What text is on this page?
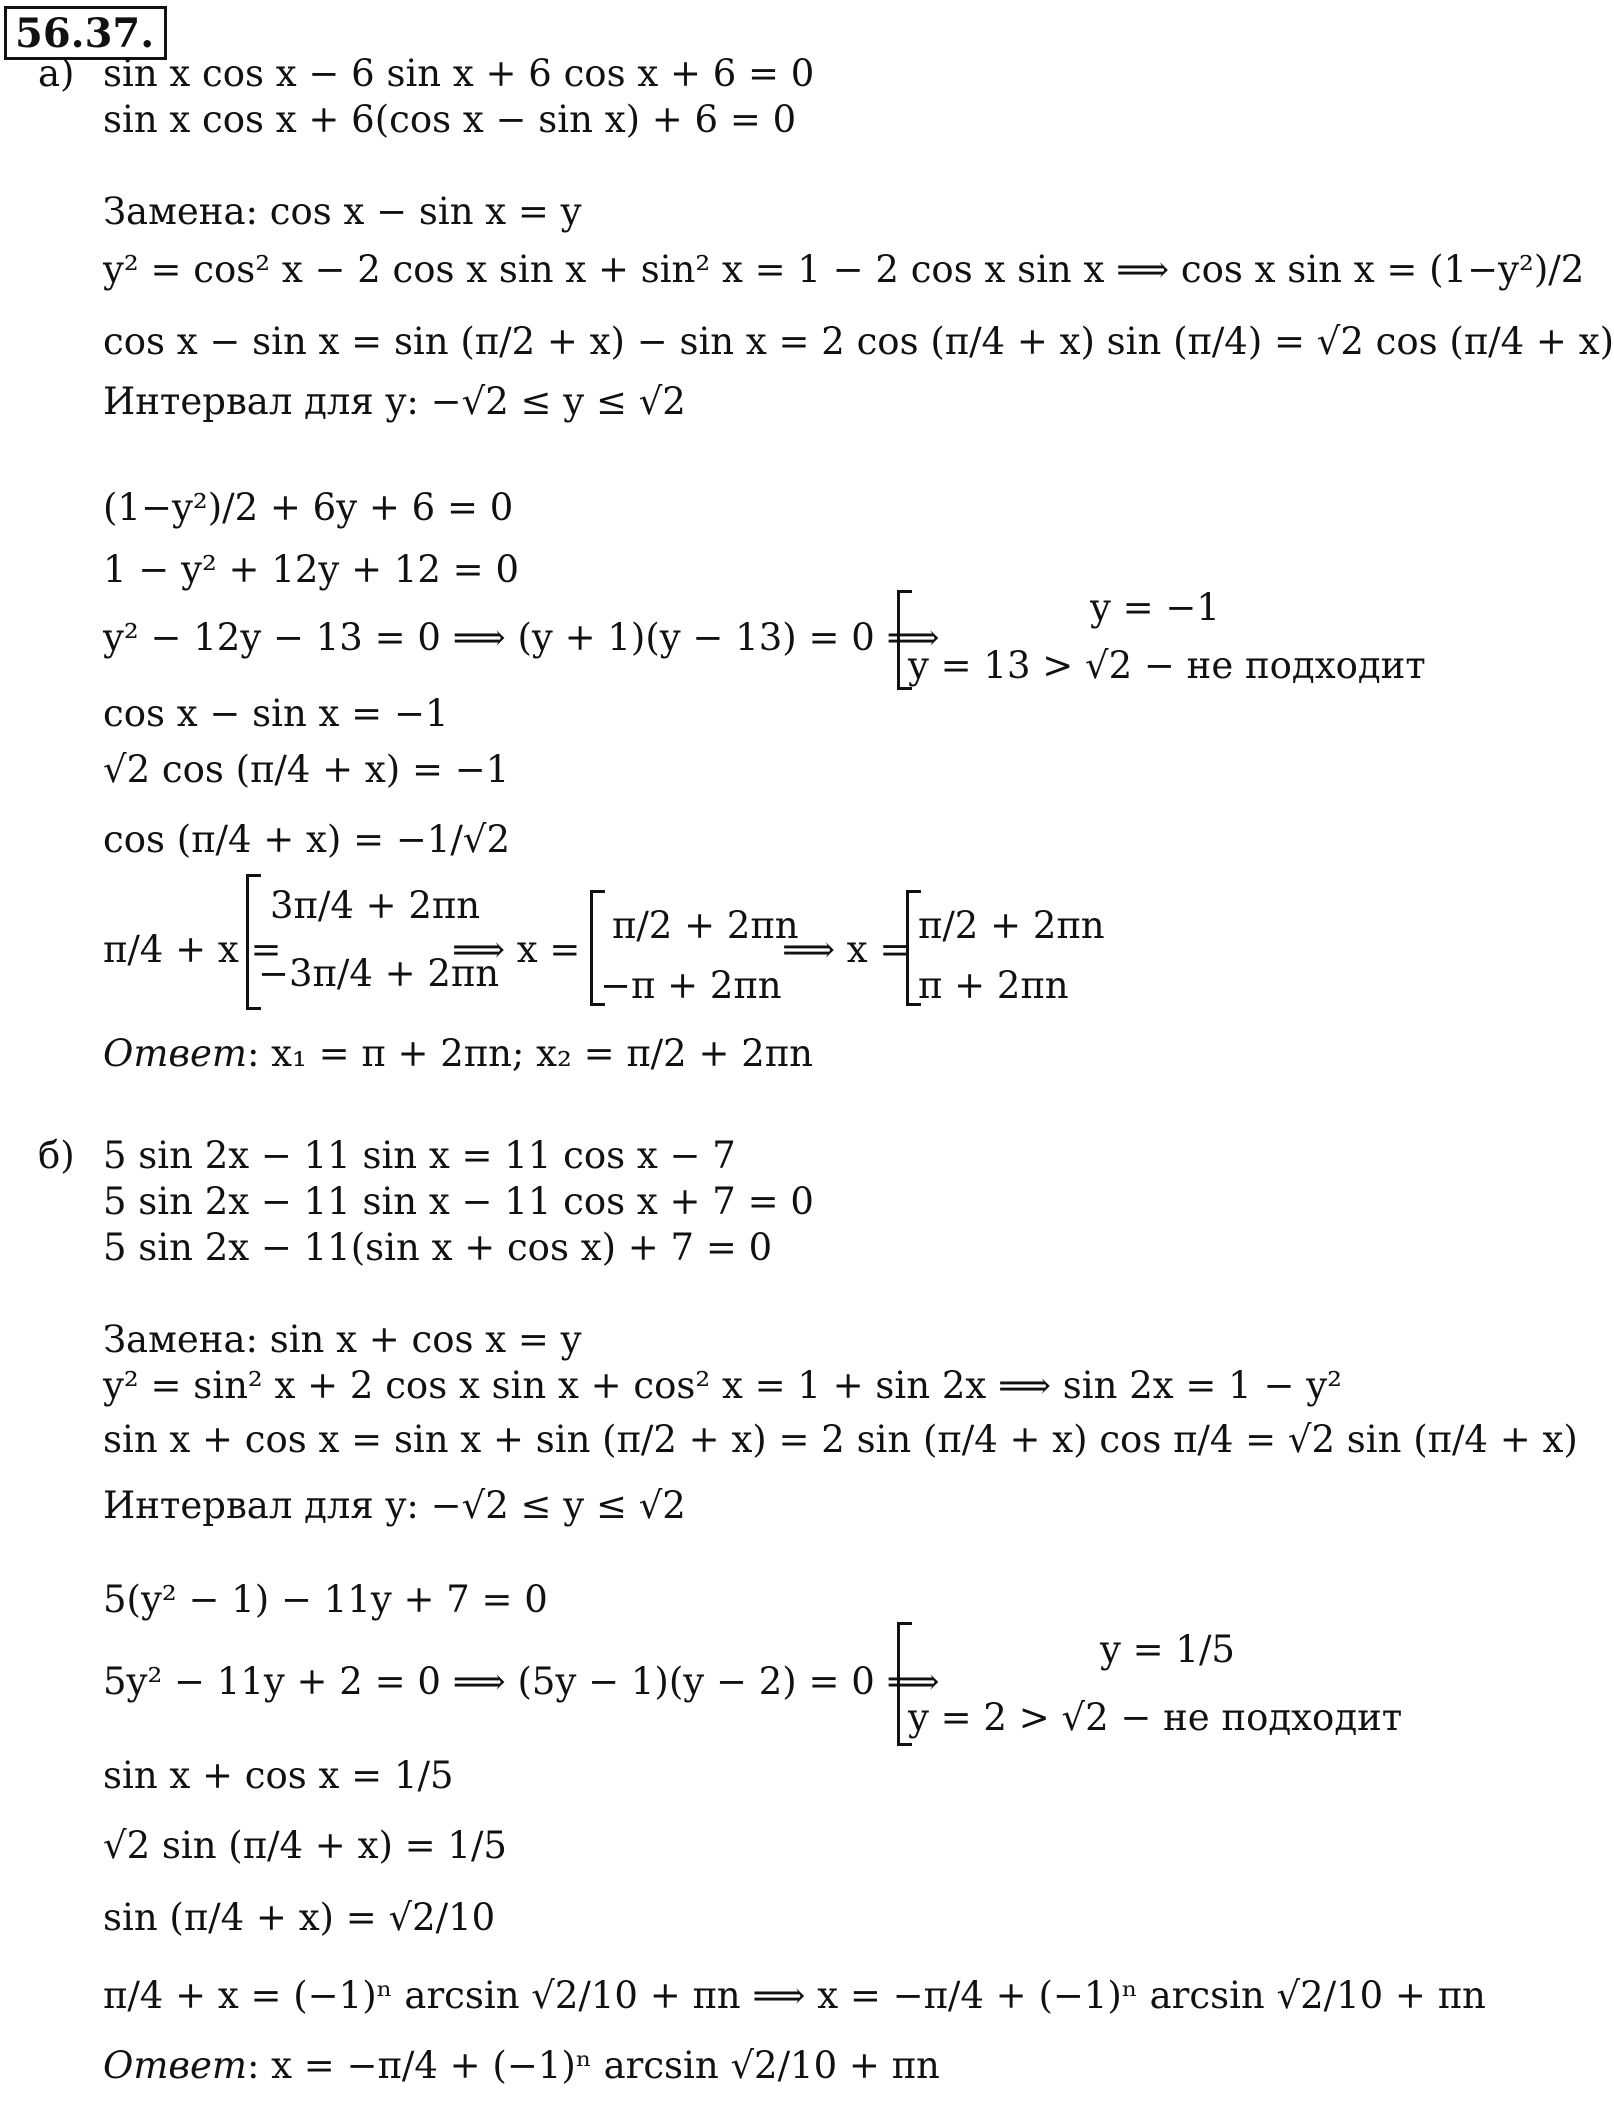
56.37.
а) sin x cos x − 6 sin x + 6 cos x + 6 = 0
sin x cos x + 6(cos x − sin x) + 6 = 0
Замена: cos x − sin x = y
y² = cos² x − 2 cos x sin x + sin² x = 1 − 2 cos x sin x ⟹ cos x sin x = (1−y²)/2
cos x − sin x = sin (π/2 + x) − sin x = 2 cos (π/4 + x) sin (π/4) = √2 cos (π/4 + x)
Интервал для y: −√2 ≤ y ≤ √2
(1−y²)/2 + 6y + 6 = 0
1 − y² + 12y + 12 = 0
y² − 12y − 13 = 0 ⟹ (y + 1)(y − 13) = 0 ⟹
y = −1
y = 13 > √2 − не подходит
cos x − sin x = −1
√2 cos (π/4 + x) = −1
cos (π/4 + x) = −1/√2
π/4 + x =
3π/4 + 2πn
−3π/4 + 2πn
⟹ x =
π/2 + 2πn
−π + 2πn
⟹ x =
π/2 + 2πn
π + 2πn
Ответ: x₁ = π + 2πn; x₂ = π/2 + 2πn
б) 5 sin 2x − 11 sin x = 11 cos x − 7
5 sin 2x − 11 sin x − 11 cos x + 7 = 0
5 sin 2x − 11(sin x + cos x) + 7 = 0
Замена: sin x + cos x = y
y² = sin² x + 2 cos x sin x + cos² x = 1 + sin 2x ⟹ sin 2x = 1 − y²
sin x + cos x = sin x + sin (π/2 + x) = 2 sin (π/4 + x) cos π/4 = √2 sin (π/4 + x)
Интервал для y: −√2 ≤ y ≤ √2
5(y² − 1) − 11y + 7 = 0
5y² − 11y + 2 = 0 ⟹ (5y − 1)(y − 2) = 0 ⟹
y = 1/5
y = 2 > √2 − не подходит
sin x + cos x = 1/5
√2 sin (π/4 + x) = 1/5
sin (π/4 + x) = √2/10
π/4 + x = (−1)ⁿ arcsin √2/10 + πn ⟹ x = −π/4 + (−1)ⁿ arcsin √2/10 + πn
Ответ: x = −π/4 + (−1)ⁿ arcsin √2/10 + πn
